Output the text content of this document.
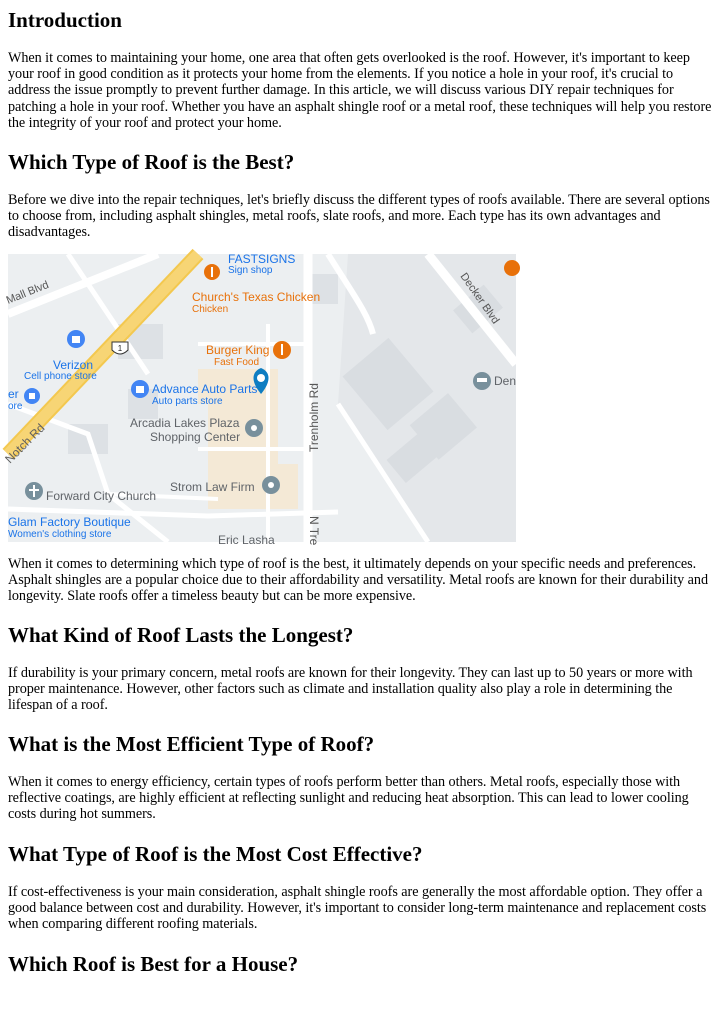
Introduction

When it comes to maintaining your home, one area that often gets overlooked is the roof. However, it's important to keep your roof in good condition as it protects your home from the elements. If you notice a hole in your roof, it's crucial to address the issue promptly to prevent further damage. In this article, we will discuss various DIY repair techniques for patching a hole in your roof. Whether you have an asphalt shingle roof or a metal roof, these techniques will help you restore the integrity of your roof and protect your home.

Which Type of Roof is the Best?

Before we dive into the repair techniques, let's briefly discuss the different types of roofs available. There are several options to choose from, including asphalt shingles, metal roofs, slate roofs, and more. Each type has its own advantages and disadvantages.

1
Mall Blvd
Notch Rd	Trenholm Rd
N Tre
Decker Blvd
FASTSIGNS
Sign shop
Church's Texas Chicken
Chicken
Burger King
Fast Food
Verizon
Cell phone store
er
ore
Advance Auto Parts
Auto parts store
Arcadia Lakes Plaza
Shopping Center
Strom Law Firm
Forward City Church
Glam Factory Boutique
Women's clothing store
Den
Eric Lasha

When it comes to determining which type of roof is the best, it ultimately depends on your specific needs and preferences. Asphalt shingles are a popular choice due to their affordability and versatility. Metal roofs are known for their durability and longevity. Slate roofs offer a timeless beauty but can be more expensive.

What Kind of Roof Lasts the Longest?

If durability is your primary concern, metal roofs are known for their longevity. They can last up to 50 years or more with proper maintenance. However, other factors such as climate and installation quality also play a role in determining the lifespan of a roof.

What is the Most Efficient Type of Roof?

When it comes to energy efficiency, certain types of roofs perform better than others. Metal roofs, especially those with reflective coatings, are highly efficient at reflecting sunlight and reducing heat absorption. This can lead to lower cooling costs during hot summers.

What Type of Roof is the Most Cost Effective?

If cost-effectiveness is your main consideration, asphalt shingle roofs are generally the most affordable option. They offer a good balance between cost and durability. However, it's important to consider long-term maintenance and replacement costs when comparing different roofing materials.

Which Roof is Best for a House?
